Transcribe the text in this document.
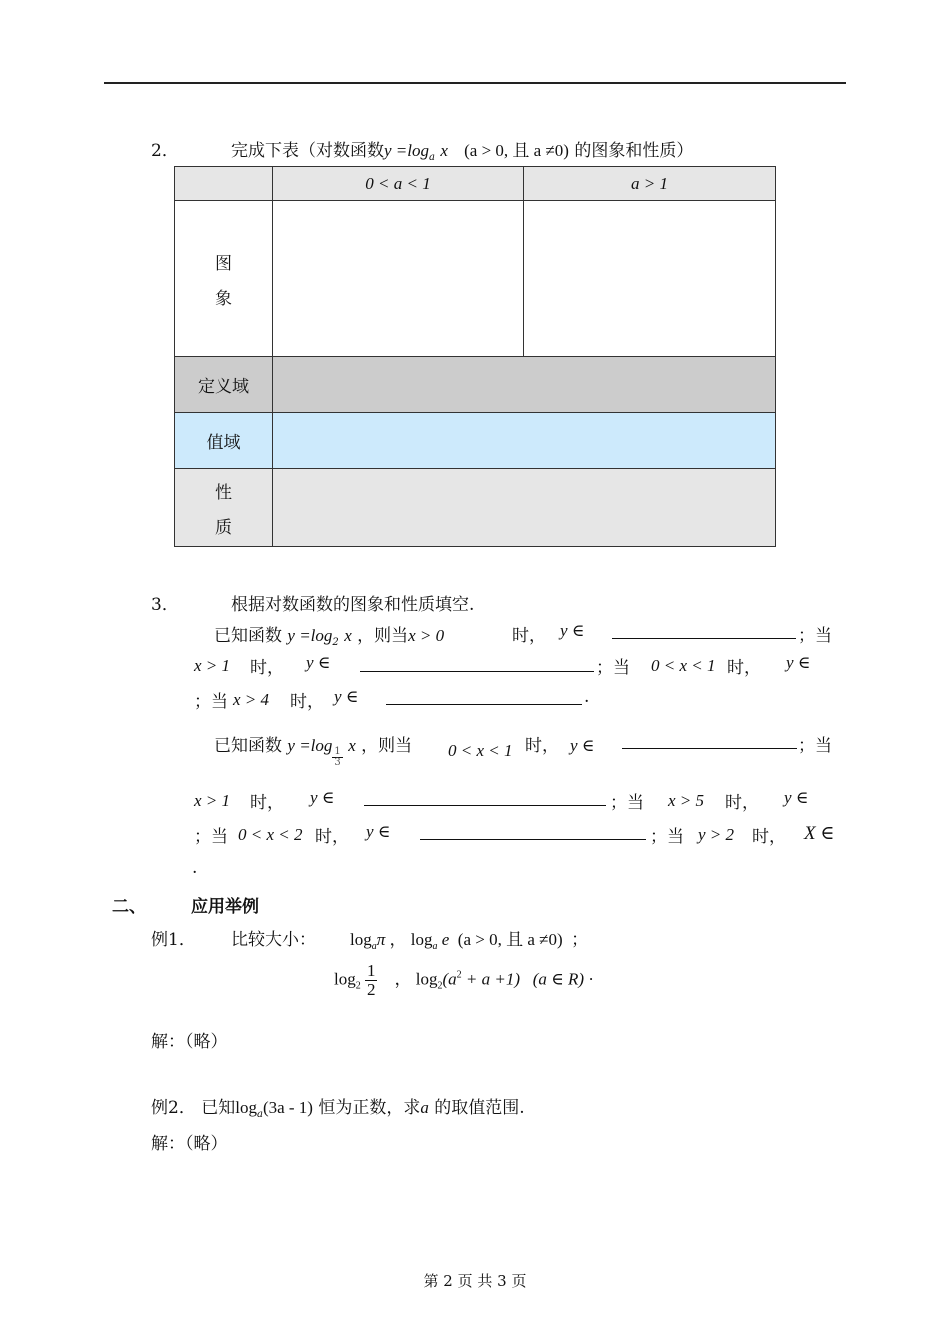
2．	完成下表（对数函数$y =\log_a$ x (a > 0, 且 a ≠0) 的图象和性质）
	0 < a < 1	a > 1

图
象		

定义域		
值域		

性
质		

3．	根据对数函数的图象和性质填空.
已知函数 $y =\log_2$ x ，则当x > 0	时， y ∈	；当
x > 1 时， y ∈	；当 0 < x < 1 时， y ∈
；当 x > 4 时， y ∈	.
已知函数 y =log
$\frac{1}{3}$
x ，则当 0 < x < 1 时， y ∈	；当
x > 1 时， y ∈	；当 x > 5 时， y ∈
；当 0 < x < 2 时， y ∈	；当 y > 2 时， X ∈
.
二、	应用举例
例1． 比较大小： $\log_a\pi$ ， $\log_a e$ (a > 0, 且 a ≠0) ；
$\log_2 \frac{1}{2}$ ， $\log_2(a^2 + a +1)$ (a ∈ R) ·
解：（略）
例2． 已知$\log_a(3a - 1)$ 恒为正数，求a 的取值范围.
解：（略）
第 2 页 共 3 页
